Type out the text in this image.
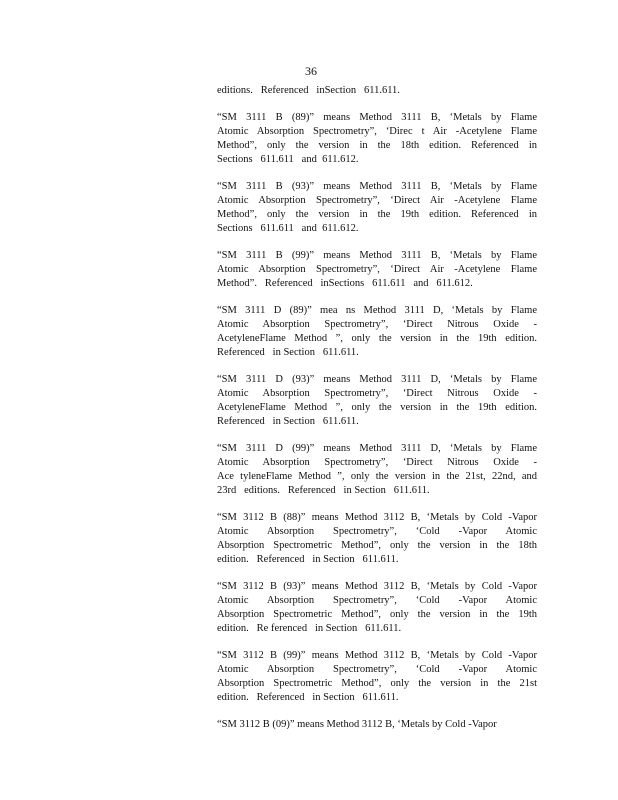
36
editions.   Referenced   inSection   611.611.
“SM 3111 B (89)” means Method 3111 B, ‘Metals by Flame
Atomic Absorption Spectrometry”, ‘Direc t Air -Acetylene Flame
Method”, only the version in the 18th edition. Referenced in
Sections   611.611   and  611.612.
“SM 3111 B (93)” means Method 3111 B, ‘Metals by Flame
Atomic Absorption Spectrometry”, ‘Direct Air -Acetylene Flame
Method”, only the version in the 19th edition. Referenced in
Sections   611.611   and  611.612.
“SM 3111 B (99)” means Method 3111 B, ‘Metals by Flame
Atomic Absorption Spectrometry”, ‘Direct Air -Acetylene Flame
Method”.   Referenced   inSections   611.611   and   611.612.
“SM 3111 D (89)” mea ns Method 3111 D, ‘Metals by Flame
Atomic Absorption Spectrometry”, ‘Direct Nitrous Oxide -
AcetyleneFlame Method ”, only the version in the 19th edition.
Referenced   in Section   611.611.
“SM 3111 D (93)” means Method 3111 D, ‘Metals by Flame
Atomic Absorption Spectrometry”, ‘Direct Nitrous Oxide -
AcetyleneFlame Method ”, only the version in the 19th edition.
Referenced   in Section   611.611.
“SM 3111 D (99)” means Method 3111 D, ‘Metals by Flame
Atomic Absorption Spectrometry”, ‘Direct Nitrous Oxide -
Ace tyleneFlame Method ”, only the version in the 21st, 22nd, and
23rd   editions.   Referenced   in Section   611.611.
“SM 3112 B (88)” means Method 3112 B, ‘Metals by Cold -Vapor
Atomic Absorption Spectrometry”, ‘Cold -Vapor Atomic
Absorption Spectrometric Method”, only the version in the 18th
edition.   Referenced   in Section   611.611.
“SM 3112 B (93)” means Method 3112 B, ‘Metals by Cold -Vapor
Atomic Absorption Spectrometry”, ‘Cold -Vapor Atomic
Absorption Spectrometric Method”, only the version in the 19th
edition.   Re ferenced   in Section   611.611.
“SM 3112 B (99)” means Method 3112 B, ‘Metals by Cold -Vapor
Atomic Absorption Spectrometry”, ‘Cold -Vapor Atomic
Absorption Spectrometric Method”, only the version in the 21st
edition.   Referenced   in Section   611.611.
“SM 3112 B (09)” means Method 3112 B, ‘Metals by Cold -Vapor
